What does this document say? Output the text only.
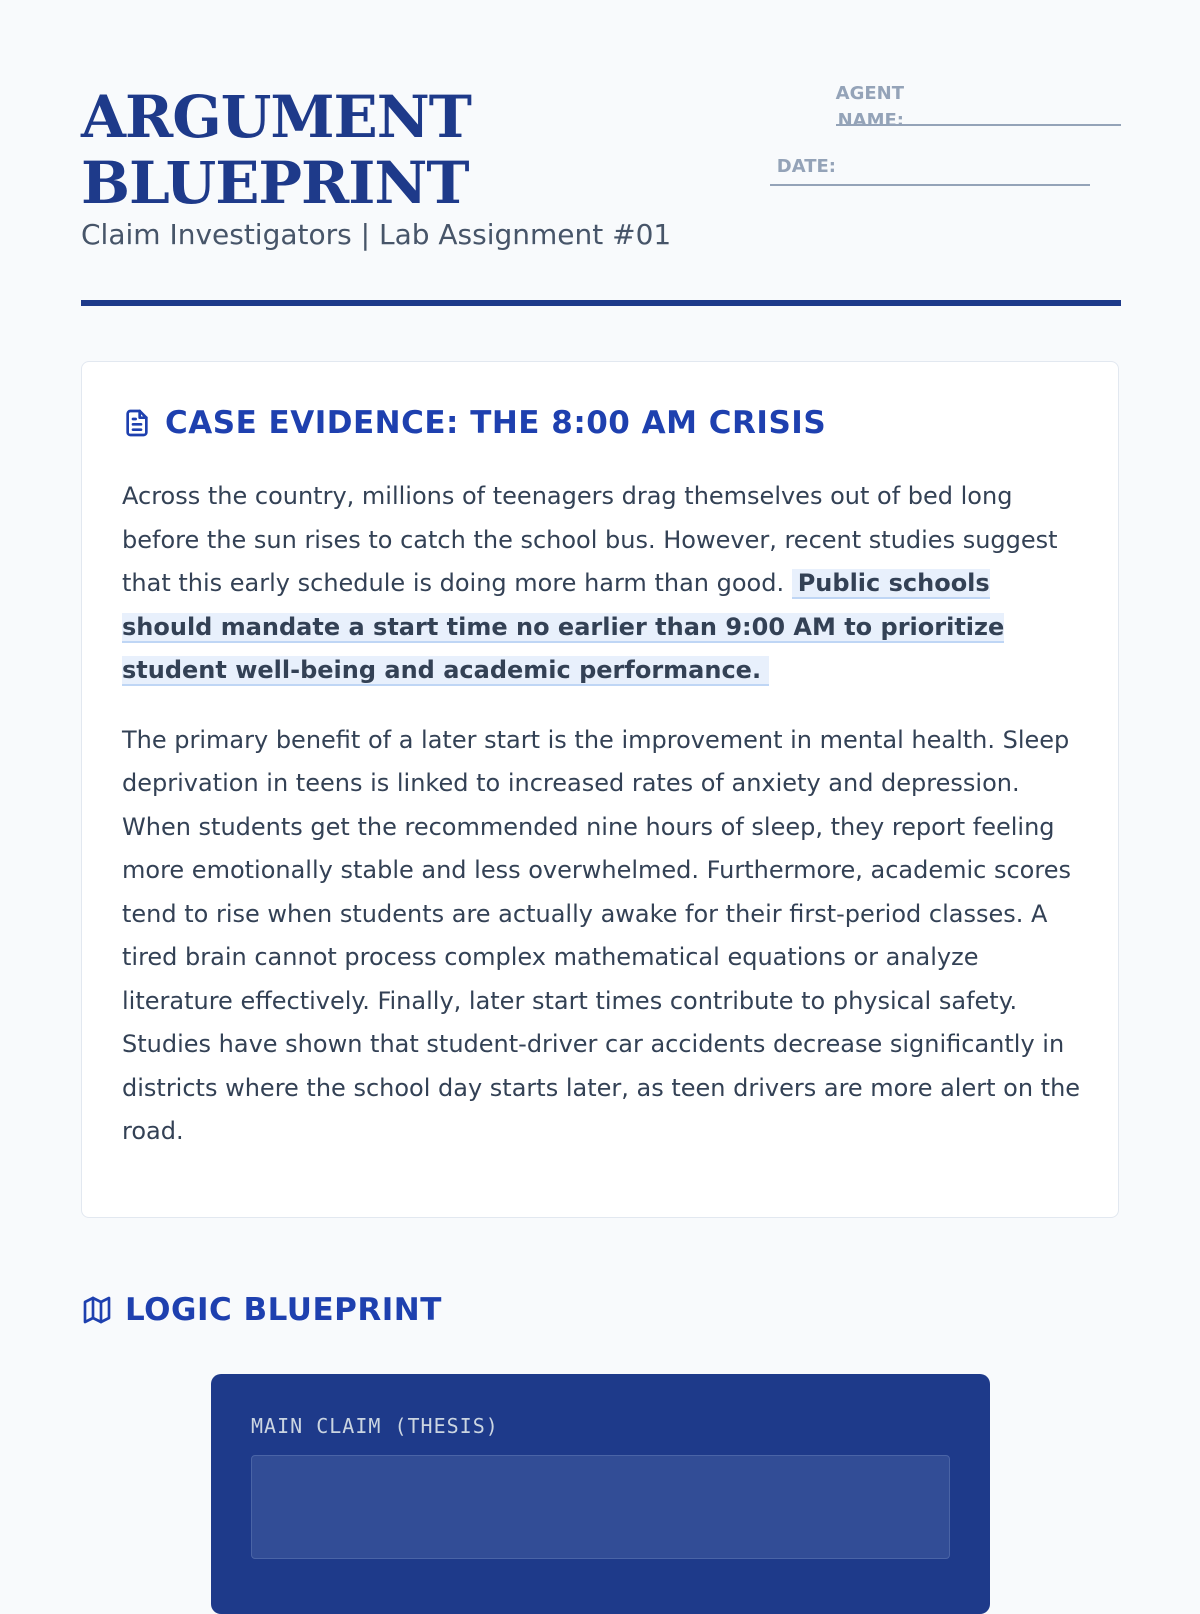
ARGUMENT
BLUEPRINT
Claim Investigators | Lab Assignment #01
AGENT
NAME:
DATE:
CASE EVIDENCE: THE 8:00 AM CRISIS

Across the country, millions of teenagers drag themselves out of bed long before the sun rises to catch the school bus. However, recent studies suggest that this early schedule is doing more harm than good. Public schools should mandate a start time no earlier than 9:00 AM to prioritize student well-being and academic performance.

The primary benefit of a later start is the improvement in mental health. Sleep deprivation in teens is linked to increased rates of anxiety and depression. When students get the recommended nine hours of sleep, they report feeling more emotionally stable and less overwhelmed. Furthermore, academic scores tend to rise when students are actually awake for their first-period classes. A tired brain cannot process complex mathematical equations or analyze literature effectively. Finally, later start times contribute to physical safety. Studies have shown that student-driver car accidents decrease significantly in districts where the school day starts later, as teen drivers are more alert on the road.

LOGIC BLUEPRINT
MAIN CLAIM (THESIS)
